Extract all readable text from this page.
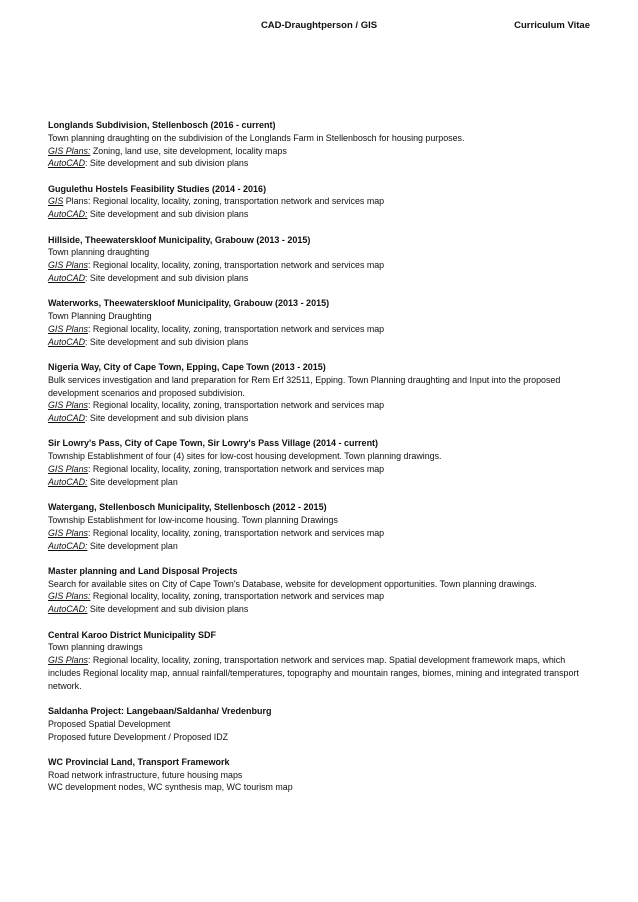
CAD-Draughtperson / GIS	Curriculum Vitae
Longlands Subdivision, Stellenbosch (2016 - current)
Town planning draughting on the subdivision of the Longlands Farm in Stellenbosch for housing purposes.
GIS Plans: Zoning, land use, site development, locality maps
AutoCAD: Site development and sub division plans
Gugulethu Hostels Feasibility Studies (2014 - 2016)
GIS Plans: Regional locality, locality, zoning, transportation network and services map
AutoCAD: Site development and sub division plans
Hillside, Theewaterskloof Municipality, Grabouw (2013 - 2015)
Town planning draughting
GIS Plans: Regional locality, locality, zoning, transportation network and services map
AutoCAD: Site development and sub division plans
Waterworks, Theewaterskloof Municipality, Grabouw (2013 - 2015)
Town Planning Draughting
GIS Plans: Regional locality, locality, zoning, transportation network and services map
AutoCAD: Site development and sub division plans
Nigeria Way, City of Cape Town, Epping, Cape Town (2013 - 2015)
Bulk services investigation and land preparation for Rem Erf 32511, Epping. Town Planning draughting and Input into the proposed development scenarios and proposed subdivision.
GIS Plans: Regional locality, locality, zoning, transportation network and services map
AutoCAD: Site development and sub division plans
Sir Lowry's Pass, City of Cape Town, Sir Lowry's Pass Village (2014 - current)
Township Establishment of four (4) sites for low-cost housing development. Town planning drawings.
GIS Plans: Regional locality, locality, zoning, transportation network and services map
AutoCAD: Site development plan
Watergang, Stellenbosch Municipality, Stellenbosch (2012 - 2015)
Township Establishment for low-income housing. Town planning Drawings
GIS Plans: Regional locality, locality, zoning, transportation network and services map
AutoCAD: Site development plan
Master planning and Land Disposal Projects
Search for available sites on City of Cape Town's Database, website for development opportunities. Town planning drawings.
GIS Plans: Regional locality, locality, zoning, transportation network and services map
AutoCAD: Site development and sub division plans
Central Karoo District Municipality SDF
Town planning drawings
GIS Plans: Regional locality, locality, zoning, transportation network and services map. Spatial development framework maps, which includes Regional locality map, annual rainfall/temperatures, topography and mountain ranges, biomes, mining and integrated transport network.
Saldanha Project: Langebaan/Saldanha/ Vredenburg
Proposed Spatial Development
Proposed future Development / Proposed IDZ
WC Provincial Land, Transport Framework
Road network infrastructure, future housing maps
WC development nodes, WC synthesis map, WC tourism map
